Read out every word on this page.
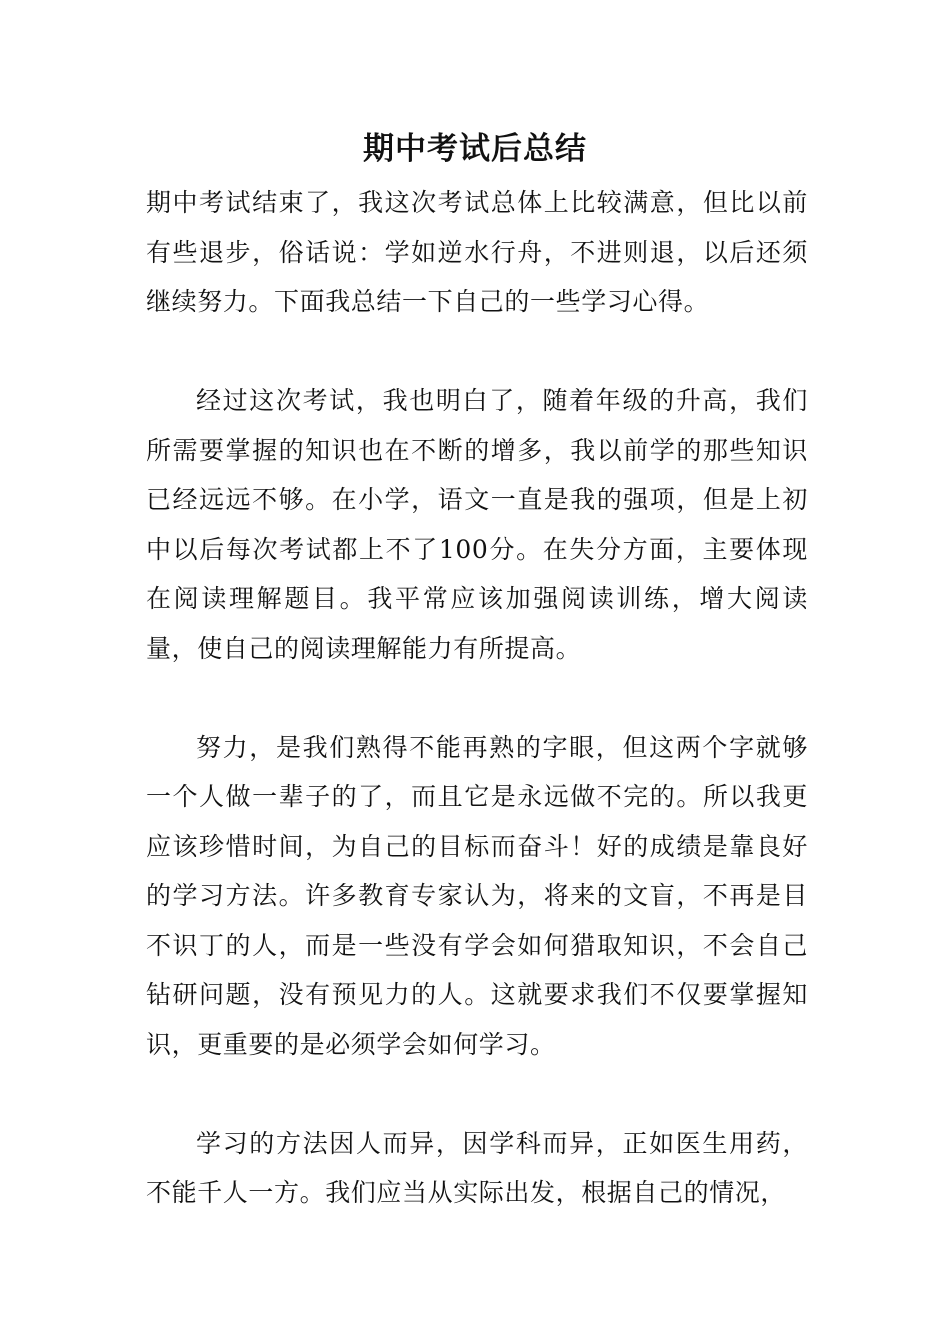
期中考试后总结

期中考试结束了，我这次考试总体上比较满意，但比以前有些退步，俗话说：学如逆水行舟，不进则退，以后还须继续努力。下面我总结一下自己的一些学习心得。

经过这次考试，我也明白了，随着年级的升高，我们所需要掌握的知识也在不断的增多，我以前学的那些知识已经远远不够。在小学，语文一直是我的强项，但是上初中以后每次考试都上不了100分。在失分方面，主要体现在阅读理解题目。我平常应该加强阅读训练，增大阅读量，使自己的阅读理解能力有所提高。

努力，是我们熟得不能再熟的字眼，但这两个字就够一个人做一辈子的了，而且它是永远做不完的。所以我更应该珍惜时间，为自己的目标而奋斗！好的成绩是靠良好的学习方法。许多教育专家认为，将来的文盲，不再是目不识丁的人，而是一些没有学会如何猎取知识，不会自己钻研问题，没有预见力的人。这就要求我们不仅要掌握知识，更重要的是必须学会如何学习。

学习的方法因人而异，因学科而异，正如医生用药，不能千人一方。我们应当从实际出发，根据自己的情况，
